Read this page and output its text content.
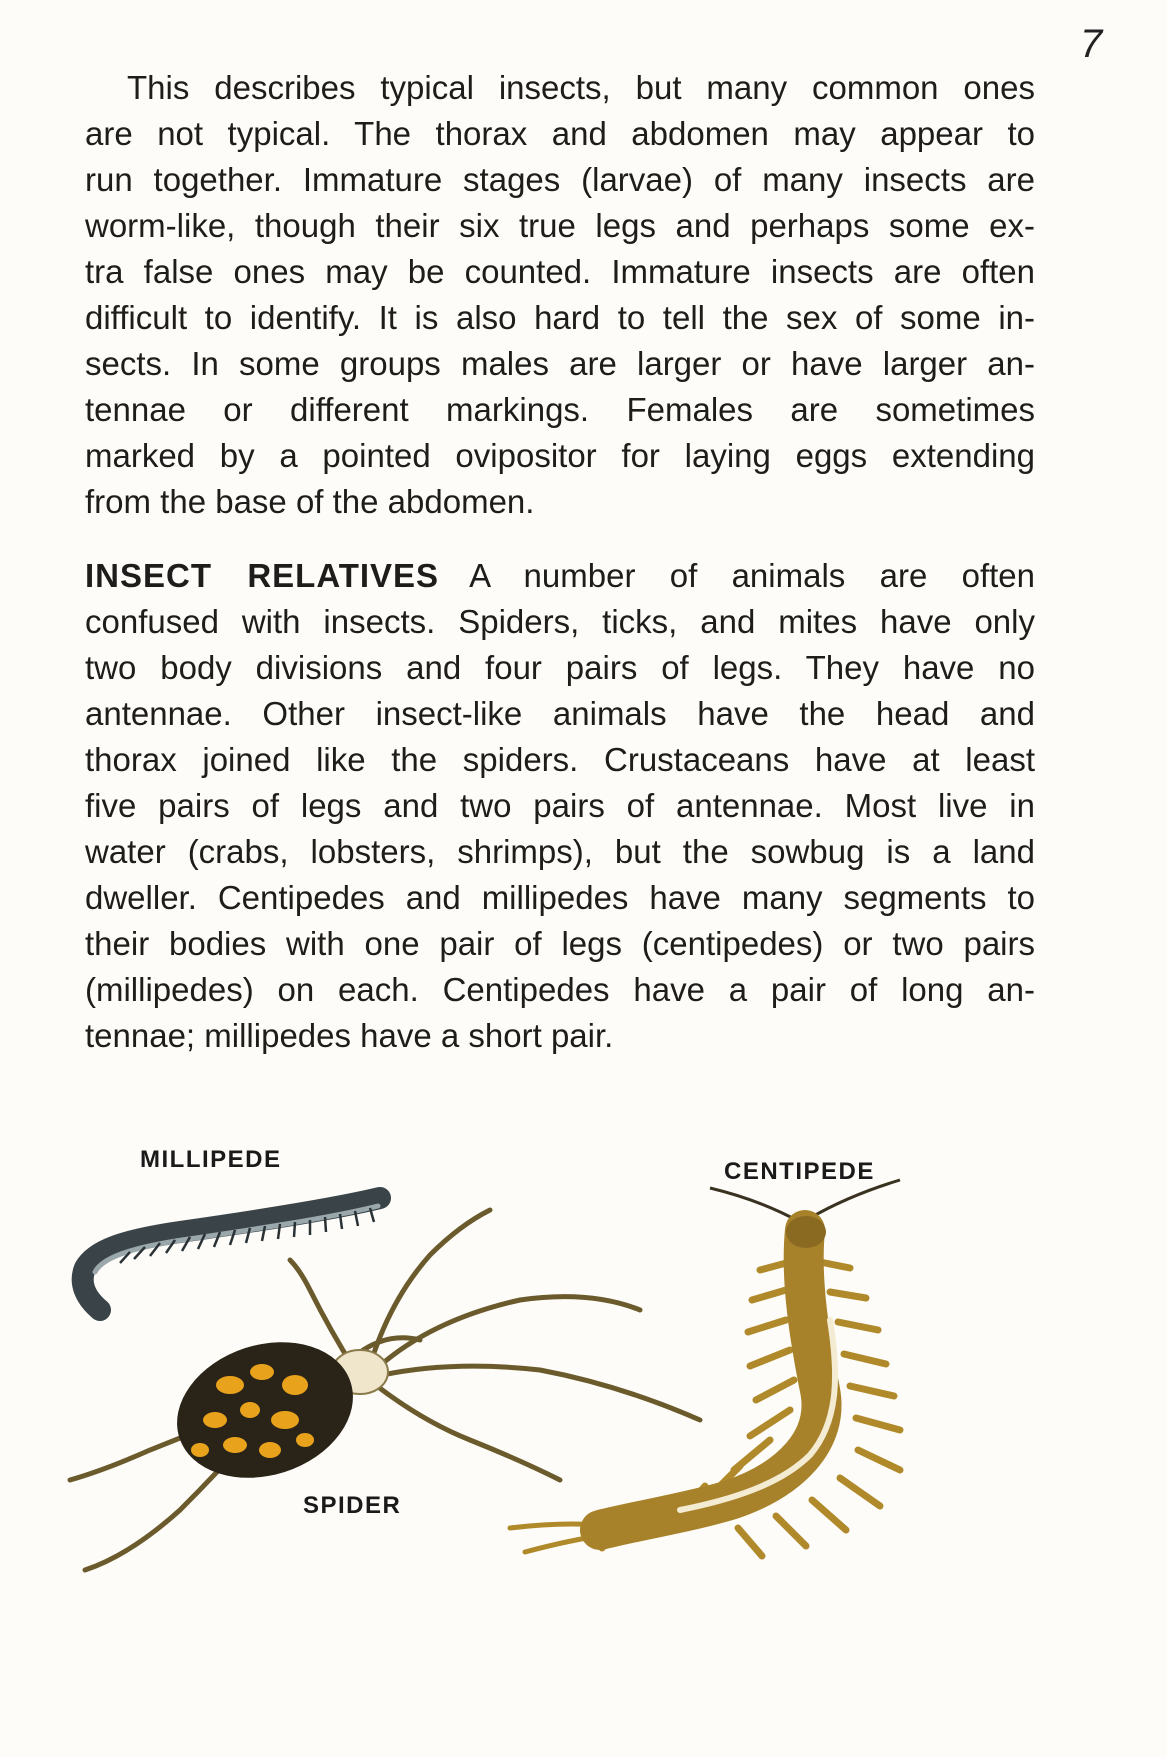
7

This describes typical insects, but many common ones
are not typical. The thorax and abdomen may appear to
run together. Immature stages (larvae) of many insects are
worm-like, though their six true legs and perhaps some ex-
tra false ones may be counted. Immature insects are often
difficult to identify. It is also hard to tell the sex of some in-
sects. In some groups males are larger or have larger an-
tennae or different markings. Females are sometimes
marked by a pointed ovipositor for laying eggs extending
from the base of the abdomen.

INSECT RELATIVES A number of animals are often
confused with insects. Spiders, ticks, and mites have only
two body divisions and four pairs of legs. They have no
antennae. Other insect-like animals have the head and
thorax joined like the spiders. Crustaceans have at least
five pairs of legs and two pairs of antennae. Most live in
water (crabs, lobsters, shrimps), but the sowbug is a land
dweller. Centipedes and millipedes have many segments to
their bodies with one pair of legs (centipedes) or two pairs
(millipedes) on each. Centipedes have a pair of long an-
tennae; millipedes have a short pair.

MILLIPEDE	CENTIPEDE
SPIDER
